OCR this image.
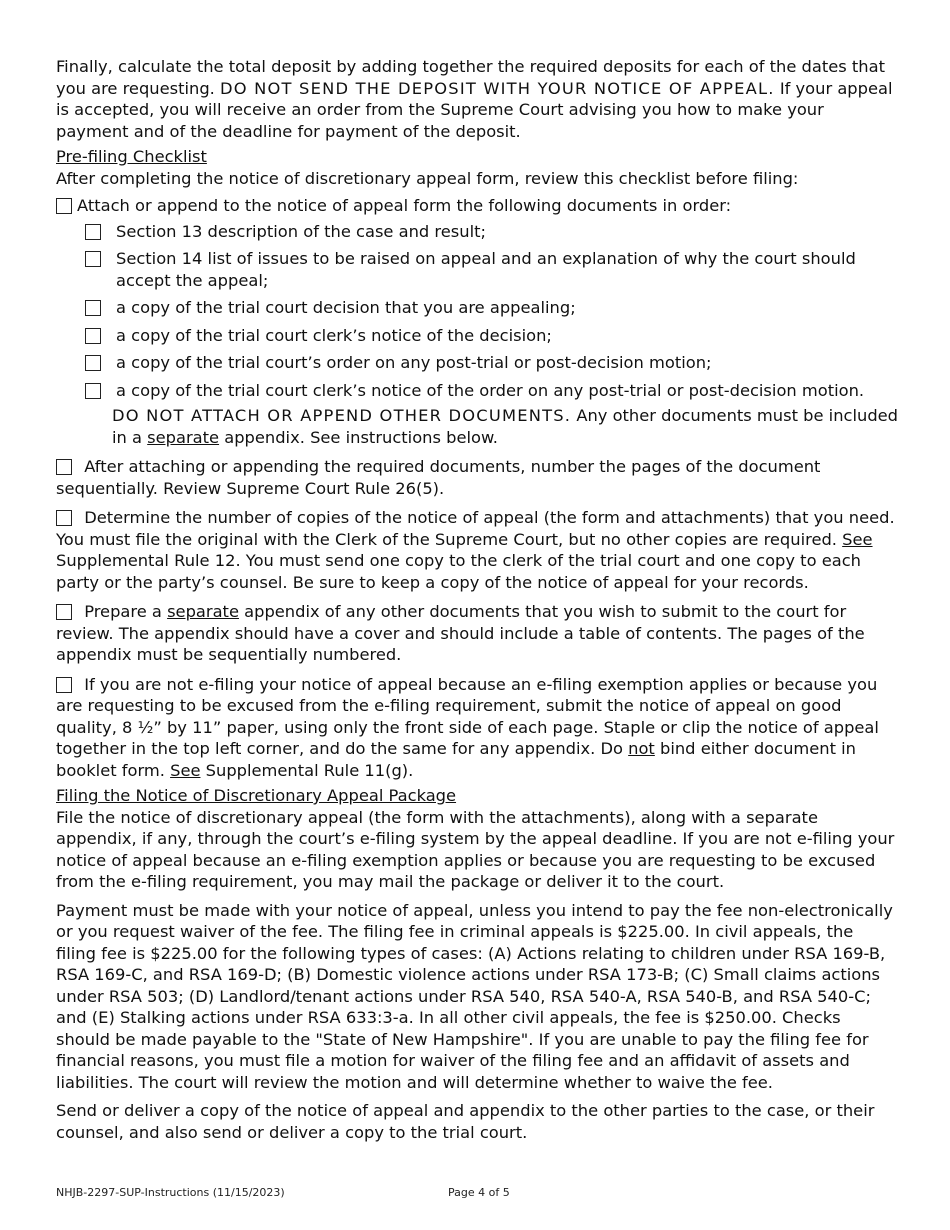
Finally, calculate the total deposit by adding together the required deposits for each of the dates that you are requesting. DO NOT SEND THE DEPOSIT WITH YOUR NOTICE OF APPEAL. If your appeal is accepted, you will receive an order from the Supreme Court advising you how to make your payment and of the deadline for payment of the deposit.

Pre-filing Checklist

After completing the notice of discretionary appeal form, review this checklist before filing:

Attach or append to the notice of appeal form the following documents in order:

Section 13 description of the case and result;

Section 14 list of issues to be raised on appeal and an explanation of why the court should accept the appeal;

a copy of the trial court decision that you are appealing;

a copy of the trial court clerk’s notice of the decision;

a copy of the trial court’s order on any post-trial or post-decision motion;

a copy of the trial court clerk’s notice of the order on any post-trial or post-decision motion.

DO NOT ATTACH OR APPEND OTHER DOCUMENTS. Any other documents must be included in a separate appendix. See instructions below.

After attaching or appending the required documents, number the pages of the document sequentially. Review Supreme Court Rule 26(5).

Determine the number of copies of the notice of appeal (the form and attachments) that you need. You must file the original with the Clerk of the Supreme Court, but no other copies are required. See Supplemental Rule 12. You must send one copy to the clerk of the trial court and one copy to each party or the party’s counsel. Be sure to keep a copy of the notice of appeal for your records.

Prepare a separate appendix of any other documents that you wish to submit to the court for review. The appendix should have a cover and should include a table of contents. The pages of the appendix must be sequentially numbered.

If you are not e-filing your notice of appeal because an e-filing exemption applies or because you are requesting to be excused from the e-filing requirement, submit the notice of appeal on good quality, 8 ½” by 11” paper, using only the front side of each page. Staple or clip the notice of appeal together in the top left corner, and do the same for any appendix. Do not bind either document in booklet form. See Supplemental Rule 11(g).

Filing the Notice of Discretionary Appeal Package

File the notice of discretionary appeal (the form with the attachments), along with a separate appendix, if any, through the court’s e-filing system by the appeal deadline. If you are not e-filing your notice of appeal because an e-filing exemption applies or because you are requesting to be excused from the e-filing requirement, you may mail the package or deliver it to the court.

Payment must be made with your notice of appeal, unless you intend to pay the fee non-electronically or you request waiver of the fee. The filing fee in criminal appeals is $225.00. In civil appeals, the filing fee is $225.00 for the following types of cases: (A) Actions relating to children under RSA 169-B, RSA 169-C, and RSA 169-D; (B) Domestic violence actions under RSA 173-B; (C) Small claims actions under RSA 503; (D) Landlord/tenant actions under RSA 540, RSA 540-A, RSA 540-B, and RSA 540-C; and (E) Stalking actions under RSA 633:3-a. In all other civil appeals, the fee is $250.00. Checks should be made payable to the "State of New Hampshire". If you are unable to pay the filing fee for financial reasons, you must file a motion for waiver of the filing fee and an affidavit of assets and liabilities. The court will review the motion and will determine whether to waive the fee.

Send or deliver a copy of the notice of appeal and appendix to the other parties to the case, or their counsel, and also send or deliver a copy to the trial court.

NHJB-2297-SUP-Instructions (11/15/2023)	Page 4 of 5
